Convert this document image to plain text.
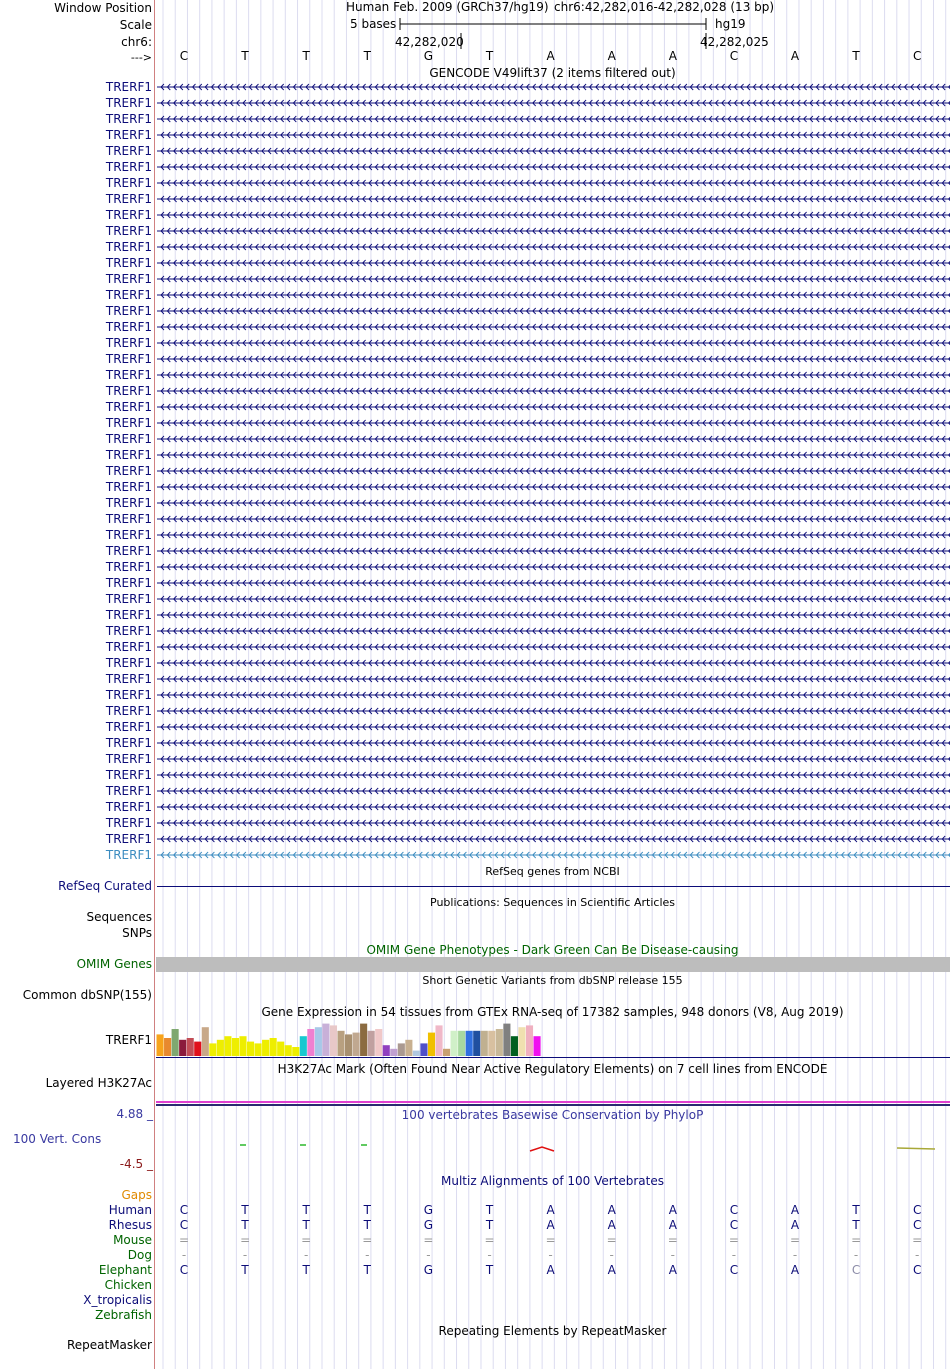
Window Position
Scale
chr6:
--->
Human Feb. 2009 (GRCh37/hg19) chr6:42,282,016-42,282,028 (13 bp)
5 bases	hg19
42,282,020	42,282,025
C	T	T	T	G	T	A	A	A	C	A	T	C
GENCODE V49lift37 (2 items filtered out)
TRERF1
TRERF1
TRERF1
TRERF1
TRERF1
TRERF1
TRERF1
TRERF1
TRERF1
TRERF1
TRERF1
TRERF1
TRERF1
TRERF1
TRERF1
TRERF1
TRERF1
TRERF1
TRERF1
TRERF1
TRERF1
TRERF1
TRERF1
TRERF1
TRERF1
TRERF1
TRERF1
TRERF1
TRERF1
TRERF1
TRERF1
TRERF1
TRERF1
TRERF1
TRERF1
TRERF1
TRERF1
TRERF1
TRERF1
TRERF1
TRERF1
TRERF1
TRERF1
TRERF1
TRERF1
TRERF1
TRERF1
TRERF1
TRERF1
RefSeq genes from NCBI
RefSeq Curated
Publications: Sequences in Scientific Articles
Sequences
SNPs
OMIM Gene Phenotypes - Dark Green Can Be Disease-causing
OMIM Genes
Short Genetic Variants from dbSNP release 155
Common dbSNP(155)
Gene Expression in 54 tissues from GTEx RNA-seq of 17382 samples, 948 donors (V8, Aug 2019)
TRERF1
H3K27Ac Mark (Often Found Near Active Regulatory Elements) on 7 cell lines from ENCODE
Layered H3K27Ac
100 vertebrates Basewise Conservation by PhyloP
4.88 _
100 Vert. Cons
-4.5 _
Multiz Alignments of 100 Vertebrates
Gaps
Human	C	T	T	T	G	T	A	A	A	C	A	T	C
Rhesus	C	T	T	T	G	T	A	A	A	C	A	T	C
Mouse	=	=	=	=	=	=	=	=	=	=	=	=	=
Dog	-	-	-	-	-	-	-	-	-	-	-	-	-
Elephant	C	T	T	T	G	T	A	A	A	C	A	C	C
Chicken
X_tropicalis
Zebrafish
Repeating Elements by RepeatMasker
RepeatMasker
